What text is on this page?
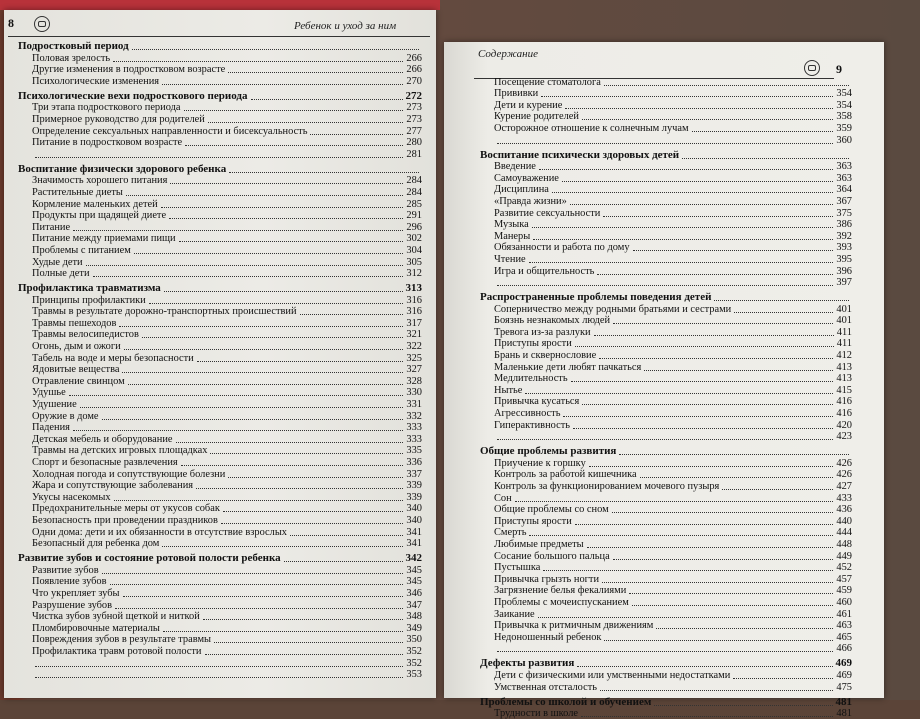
8	Ребенок и уход за ним
Подростковый период
Половая зрелость	266
Другие изменения в подростковом возрасте	266
Психологические изменения	270
Психологические вехи подросткового периода	272
Три этапа подросткового периода	273
Примерное руководство для родителей	273
Определение сексуальных направленности и бисексуальность	277
Питание в подростковом возрасте	280
281
Воспитание физически здорового ребенка
Значимость хорошего питания	284
Растительные диеты	284
Кормление маленьких детей	285
Продукты при щадящей диете	291
Питание	296
Питание между приемами пищи	302
Проблемы с питанием	304
Худые дети	305
Полные дети	312
Профилактика травматизма	313
Принципы профилактики	316
Травмы в результате дорожно-транспортных происшествий	316
Травмы пешеходов	317
Травмы велосипедистов	321
Огонь, дым и ожоги	322
Табель на воде и меры безопасности	325
Ядовитые вещества	327
Отравление свинцом	328
Удушье	330
Удушение	331
Оружие в доме	332
Падения	333
Детская мебель и оборудование	333
Травмы на детских игровых площадках	335
Спорт и безопасные развлечения	336
Холодная погода и сопутствующие болезни	337
Жара и сопутствующие заболевания	339
Укусы насекомых	339
Предохранительные меры от укусов собак	340
Безопасность при проведении праздников	340
Одни дома: дети и их обязанности в отсутствие взрослых	341
Безопасный для ребенка дом	341
Развитие зубов и состояние ротовой полости ребенка	342
Развитие зубов	345
Появление зубов	345
Что укрепляет зубы	346
Разрушение зубов	347
Чистка зубов зубной щеткой и ниткой	348
Пломбировочные материалы	349
Повреждения зубов в результате травмы	350
Профилактика травм ротовой полости	352
352
353
Содержание
9
Посещение стоматолога
Прививки	354
Дети и курение	354
Курение родителей	358
Осторожное отношение к солнечным лучам	359
360
Воспитание психически здоровых детей
Введение	363
Самоуважение	363
Дисциплина	364
«Правда жизни»	367
Развитие сексуальности	375
Музыка	386
Манеры	392
Обязанности и работа по дому	393
Чтение	395
Игра и общительность	396
397
Распространенные проблемы поведения детей
Соперничество между родными братьями и сестрами	401
Боязнь незнакомых людей	401
Тревога из-за разлуки	411
Приступы ярости	411
Брань и сквернословие	412
Маленькие дети любят пачкаться	413
Медлительность	413
Нытье	415
Привычка кусаться	416
Агрессивность	416
Гиперактивность	420
423
Общие проблемы развития
Приучение к горшку	426
Контроль за работой кишечника	426
Контроль за функционированием мочевого пузыря	427
Сон	433
Общие проблемы со сном	436
Приступы ярости	440
Смерть	444
Любимые предметы	448
Сосание большого пальца	449
Пустышка	452
Привычка грызть ногти	457
Загрязнение белья фекалиями	459
Проблемы с мочеиспусканием	460
Заикание	461
Привычка к ритмичным движениям	463
Недоношенный ребенок	465
466
Дефекты развития	469
Дети с физическими или умственными недостатками	469
Умственная отсталость	475
Проблемы со школой и обучением	481
Трудности в школе	481
